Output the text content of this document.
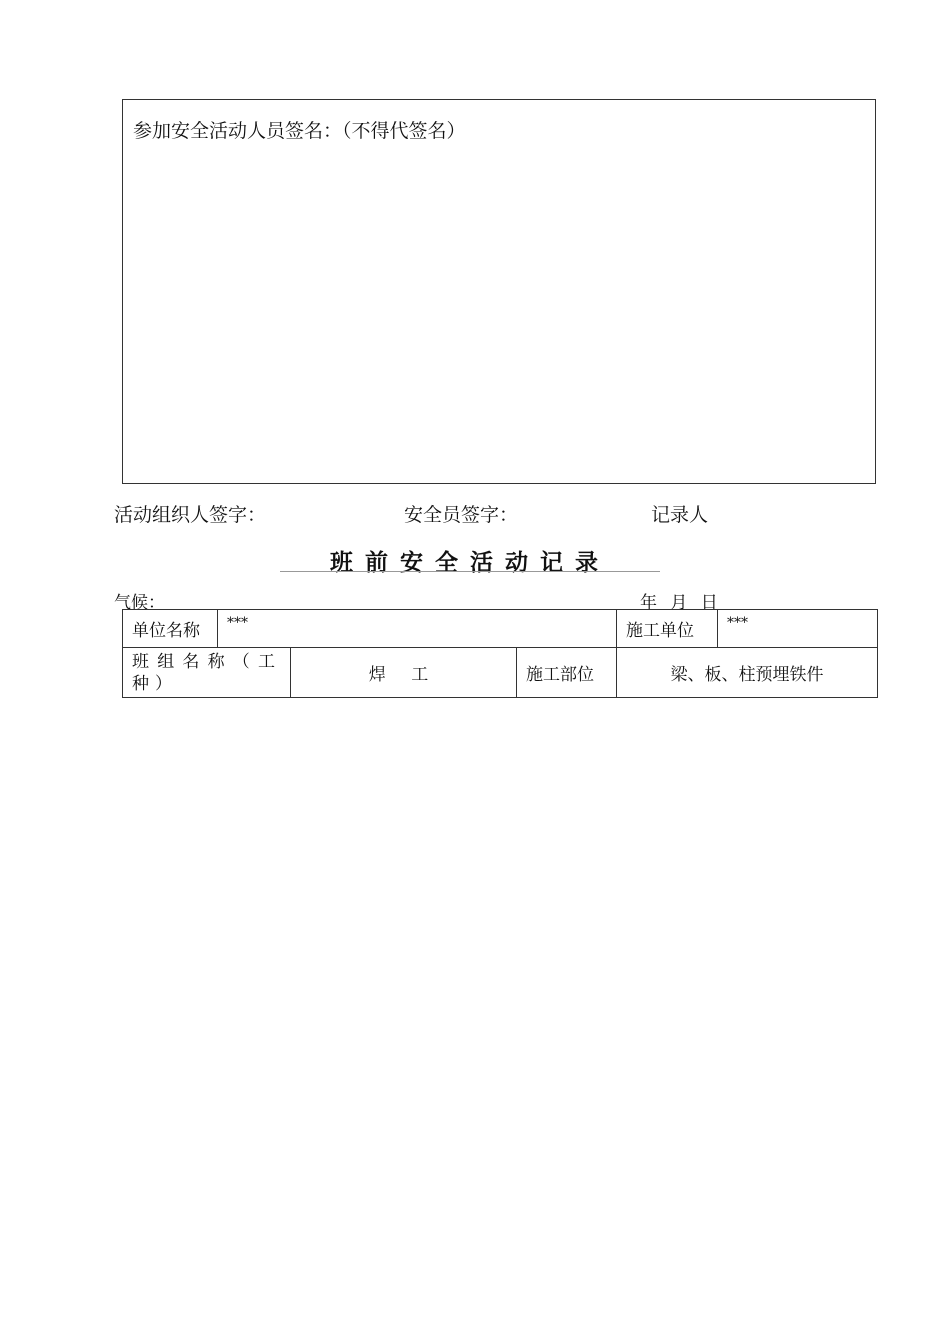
参加安全活动人员签名：（不得代签名）
活动组织人签字：	安全员签字：	记录人
班前安全活动记录
气候：	年 月 日
单位名称	***			施工单位	***
班组名称（工种）		焊 工	施工部位	梁、板、柱预埋铁件	
